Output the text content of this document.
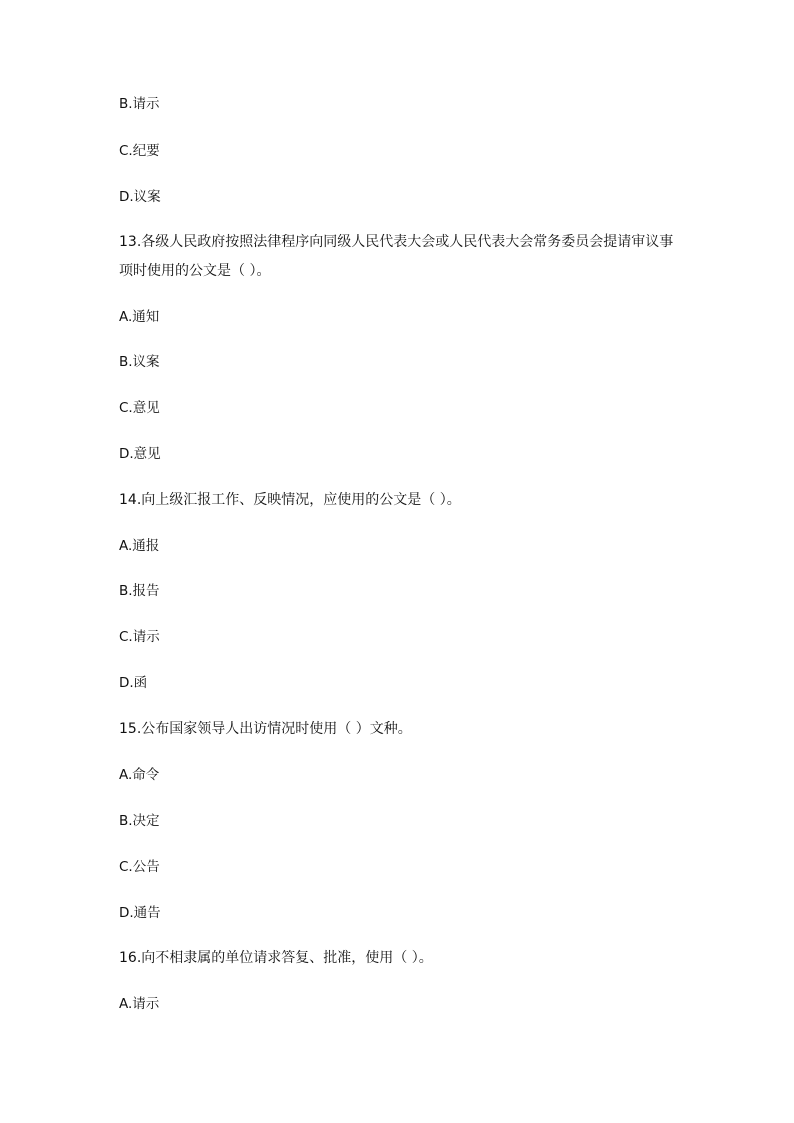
B.请示
C.纪要
D.议案
13.各级人民政府按照法律程序向同级人民代表大会或人民代表大会常务委员会提请审议事
项时使用的公文是（ ）。
A.通知
B.议案
C.意见
D.意见
14.向上级汇报工作、反映情况，应使用的公文是（ ）。
A.通报
B.报告
C.请示
D.函
15.公布国家领导人出访情况时使用（ ）文种。
A.命令
B.决定
C.公告
D.通告
16.向不相隶属的单位请求答复、批准，使用（ ）。
A.请示
